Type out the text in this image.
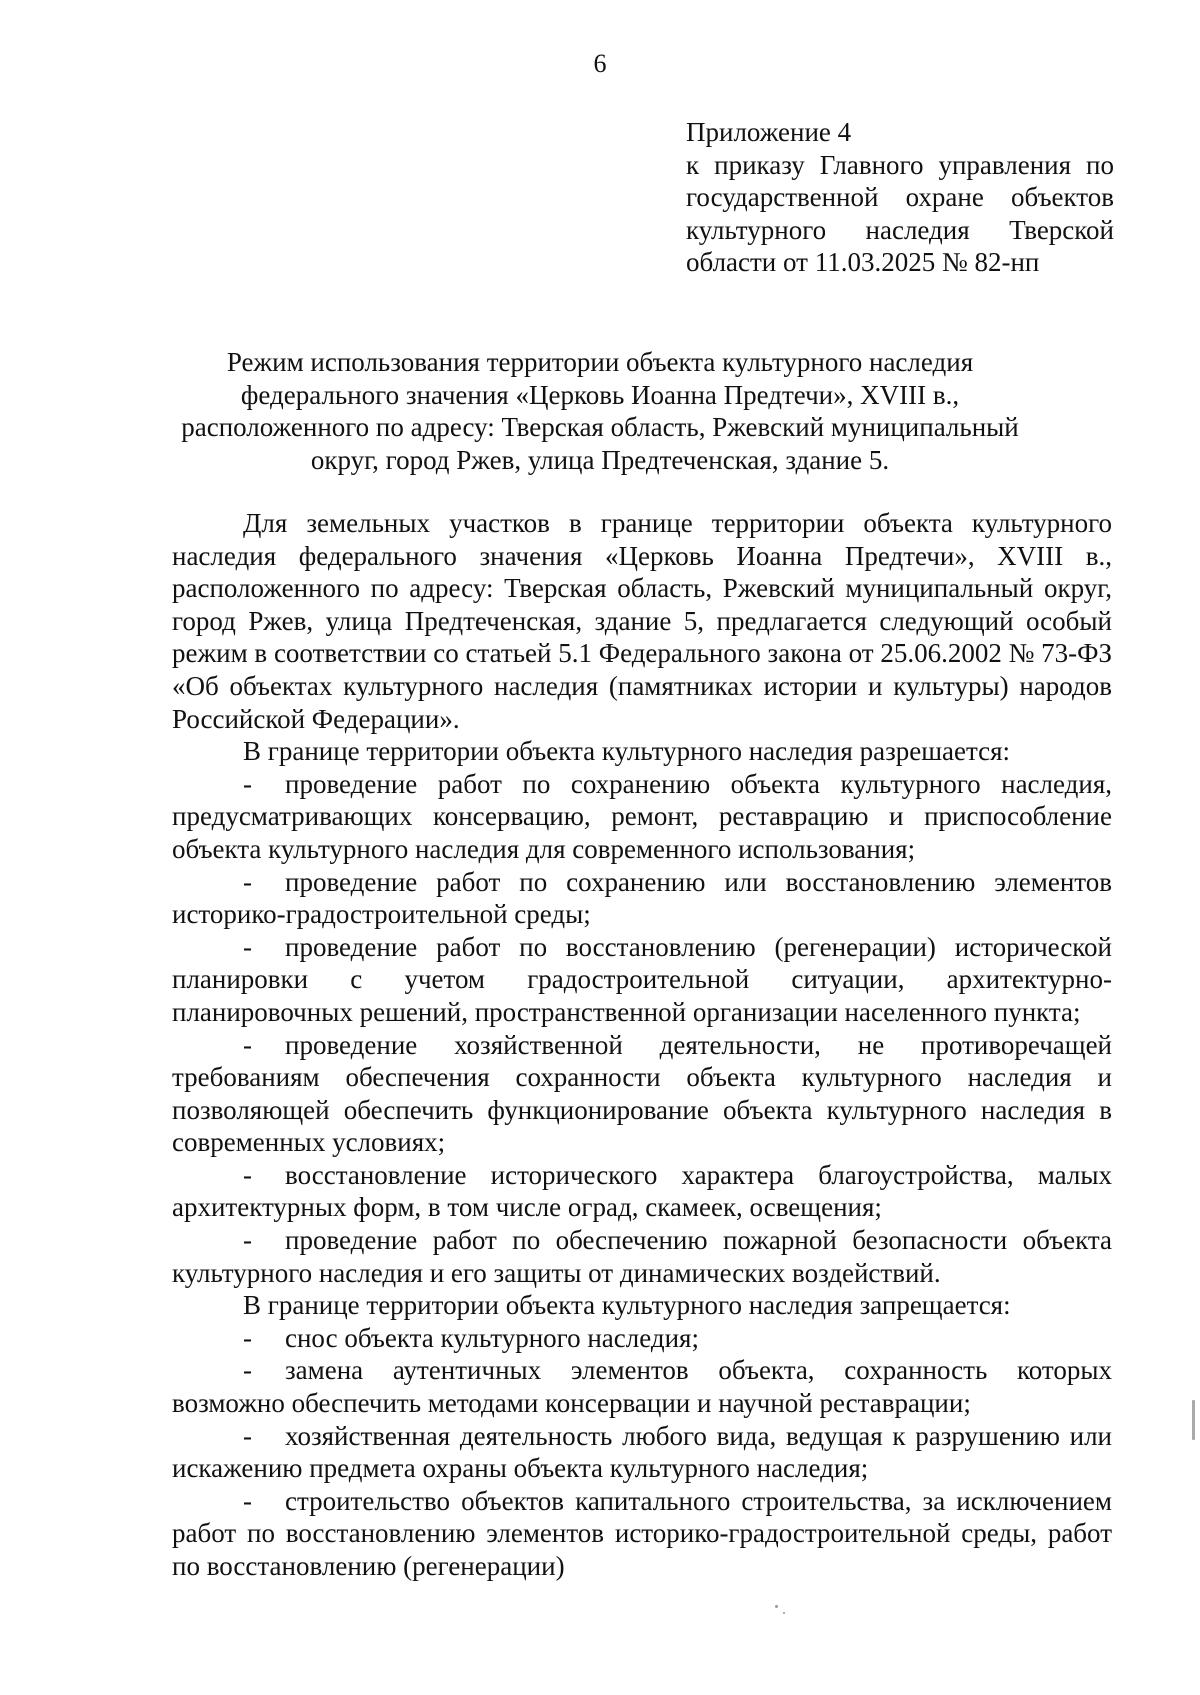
6
Приложение 4
к приказу Главного управления по
государственной охране объектов
культурного наследия Тверской
области от 11.03.2025 № 82-нп
Режим использования территории объекта культурного наследия
федерального значения «Церковь Иоанна Предтечи», XVIII в.,
расположенного по адресу: Тверская область, Ржевский муниципальный
округ, город Ржев, улица Предтеченская, здание 5.

Для земельных участков в границе территории объекта культурного наследия федерального значения «Церковь Иоанна Предтечи», XVIII в., расположенного по адресу: Тверская область, Ржевский муниципальный округ, город Ржев, улица Предтеченская, здание 5, предлагается следующий особый режим в соответствии со статьей 5.1 Федерального закона от 25.06.2002 № 73-ФЗ «Об объектах культурного наследия (памятниках истории и культуры) народов Российской Федерации».

В границе территории объекта культурного наследия разрешается:

- проведение работ по сохранению объекта культурного наследия, предусматривающих консервацию, ремонт, реставрацию и приспособление объекта культурного наследия для современного использования;

- проведение работ по сохранению или восстановлению элементов историко-градостроительной среды;

- проведение работ по восстановлению (регенерации) исторической планировки с учетом градостроительной ситуации, архитектурно-планировочных решений, пространственной организации населенного пункта;

- проведение хозяйственной деятельности, не противоречащей требованиям обеспечения сохранности объекта культурного наследия и позволяющей обеспечить функционирование объекта культурного наследия в современных условиях;

- восстановление исторического характера благоустройства, малых архитектурных форм, в том числе оград, скамеек, освещения;

- проведение работ по обеспечению пожарной безопасности объекта культурного наследия и его защиты от динамических воздействий.

В границе территории объекта культурного наследия запрещается:

- снос объекта культурного наследия;

- замена аутентичных элементов объекта, сохранность которых возможно обеспечить методами консервации и научной реставрации;

- хозяйственная деятельность любого вида, ведущая к разрушению или искажению предмета охраны объекта культурного наследия;

- строительство объектов капитального строительства, за исключением работ по восстановлению элементов историко-градостроительной среды, работ по восстановлению (регенерации)
